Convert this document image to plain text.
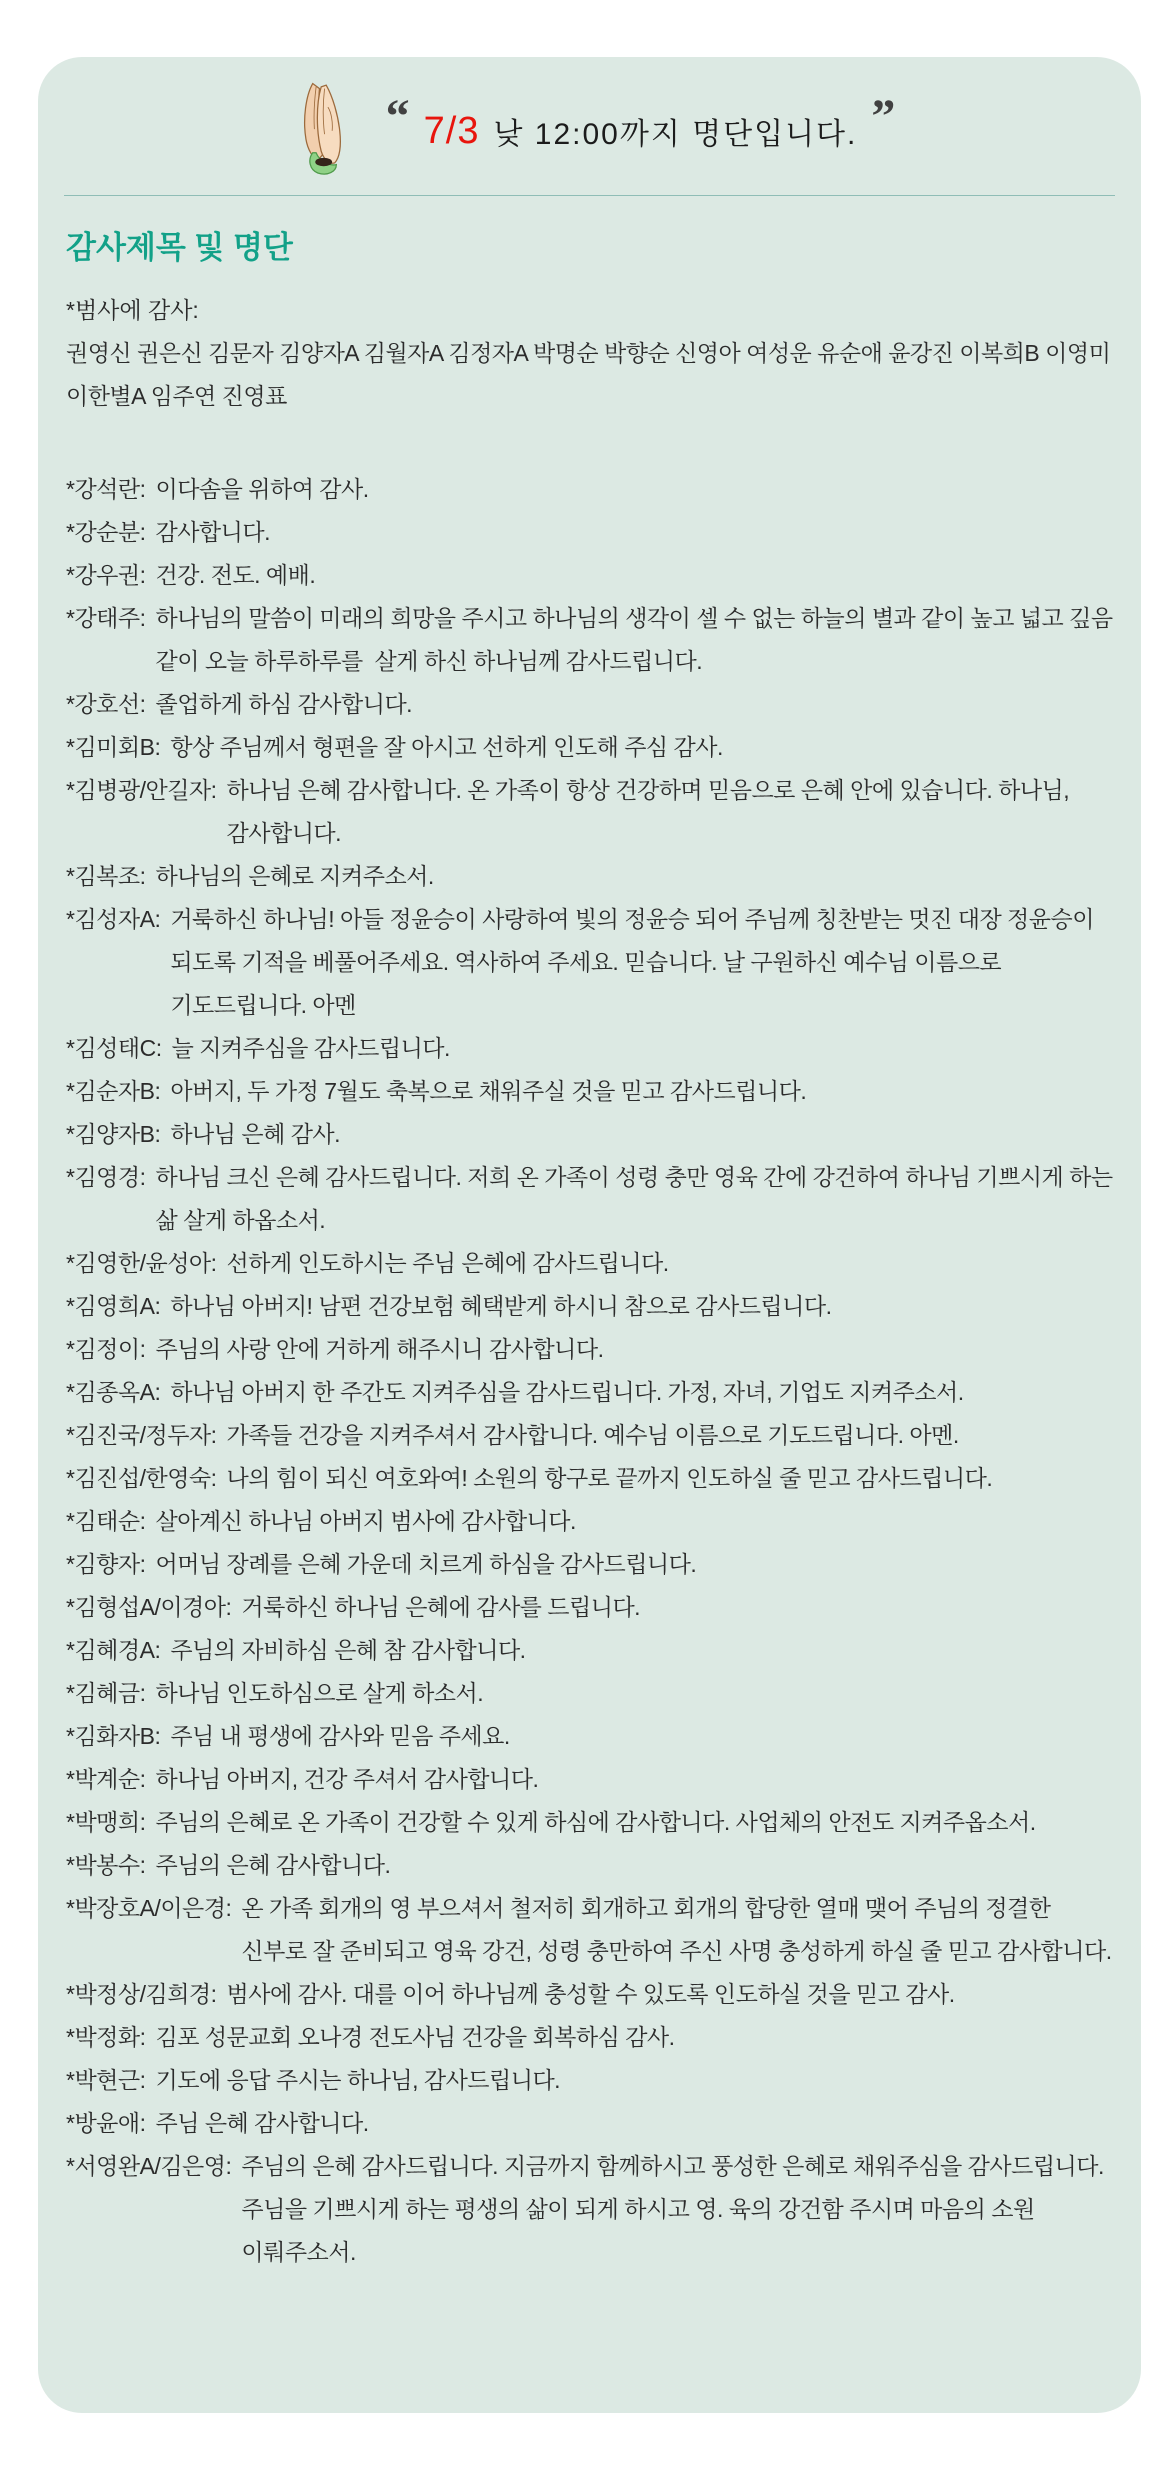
“ 7/3 낮 12:00까지 명단입니다. ”
감사제목 및 명단
*범사에 감사:

권영신 권은신 김문자 김양자A 김월자A 김정자A 박명순 박향순 신영아 여성운 유순애 윤강진 이복희B 이영미 이한별A 임주연 진영표

*강석란: 이다솜을 위하여 감사.
*강순분: 감사합니다.
*강우권: 건강. 전도. 예배.
*강태주: 하나님의 말씀이 미래의 희망을 주시고 하나님의 생각이 셀 수 없는 하늘의 별과 같이 높고 넓고 깊음 같이 오늘 하루하루를  살게 하신 하나님께 감사드립니다.
*강호선: 졸업하게 하심 감사합니다.
*김미회B: 항상 주님께서 형편을 잘 아시고 선하게 인도해 주심 감사.
*김병광/안길자: 하나님 은혜 감사합니다. 온 가족이 항상 건강하며 믿음으로 은혜 안에 있습니다. 하나님, 감사합니다.
*김복조: 하나님의 은혜로 지켜주소서.
*김성자A: 거룩하신 하나님! 아들 정윤승이 사랑하여 빛의 정윤승 되어 주님께 칭찬받는 멋진 대장 정윤승이 되도록 기적을 베풀어주세요. 역사하여 주세요. 믿습니다. 날 구원하신 예수님 이름으로 기도드립니다. 아멘
*김성태C: 늘 지켜주심을 감사드립니다.
*김순자B: 아버지, 두 가정 7월도 축복으로 채워주실 것을 믿고 감사드립니다.
*김양자B: 하나님 은혜 감사.
*김영경: 하나님 크신 은혜 감사드립니다. 저희 온 가족이 성령 충만 영육 간에 강건하여 하나님 기쁘시게 하는 삶 살게 하옵소서.
*김영한/윤성아: 선하게 인도하시는 주님 은혜에 감사드립니다.
*김영희A: 하나님 아버지! 남편 건강보험 혜택받게 하시니 참으로 감사드립니다.
*김정이: 주님의 사랑 안에 거하게 해주시니 감사합니다.
*김종옥A: 하나님 아버지 한 주간도 지켜주심을 감사드립니다. 가정, 자녀, 기업도 지켜주소서.
*김진국/정두자: 가족들 건강을 지켜주셔서 감사합니다. 예수님 이름으로 기도드립니다. 아멘.
*김진섭/한영숙: 나의 힘이 되신 여호와여! 소원의 항구로 끝까지 인도하실 줄 믿고 감사드립니다.
*김태순: 살아계신 하나님 아버지 범사에 감사합니다.
*김향자: 어머님 장례를 은혜 가운데 치르게 하심을 감사드립니다.
*김형섭A/이경아: 거룩하신 하나님 은혜에 감사를 드립니다.
*김혜경A: 주님의 자비하심 은혜 참 감사합니다.
*김혜금: 하나님 인도하심으로 살게 하소서.
*김화자B: 주님 내 평생에 감사와 믿음 주세요.
*박계순: 하나님 아버지, 건강 주셔서 감사합니다.
*박맹희: 주님의 은혜로 온 가족이 건강할 수 있게 하심에 감사합니다. 사업체의 안전도 지켜주옵소서.
*박봉수: 주님의 은혜 감사합니다.
*박장호A/이은경: 온 가족 회개의 영 부으셔서 철저히 회개하고 회개의 합당한 열매 맺어 주님의 정결한 신부로 잘 준비되고 영육 강건, 성령 충만하여 주신 사명 충성하게 하실 줄 믿고 감사합니다.
*박정상/김희경: 범사에 감사. 대를 이어 하나님께 충성할 수 있도록 인도하실 것을 믿고 감사.
*박정화: 김포 성문교회 오나경 전도사님 건강을 회복하심 감사.
*박현근: 기도에 응답 주시는 하나님, 감사드립니다.
*방윤애: 주님 은혜 감사합니다.
*서영완A/김은영: 주님의 은혜 감사드립니다. 지금까지 함께하시고 풍성한 은혜로 채워주심을 감사드립니다. 주님을 기쁘시게 하는 평생의 삶이 되게 하시고 영. 육의 강건함 주시며 마음의 소원 이뤄주소서.
